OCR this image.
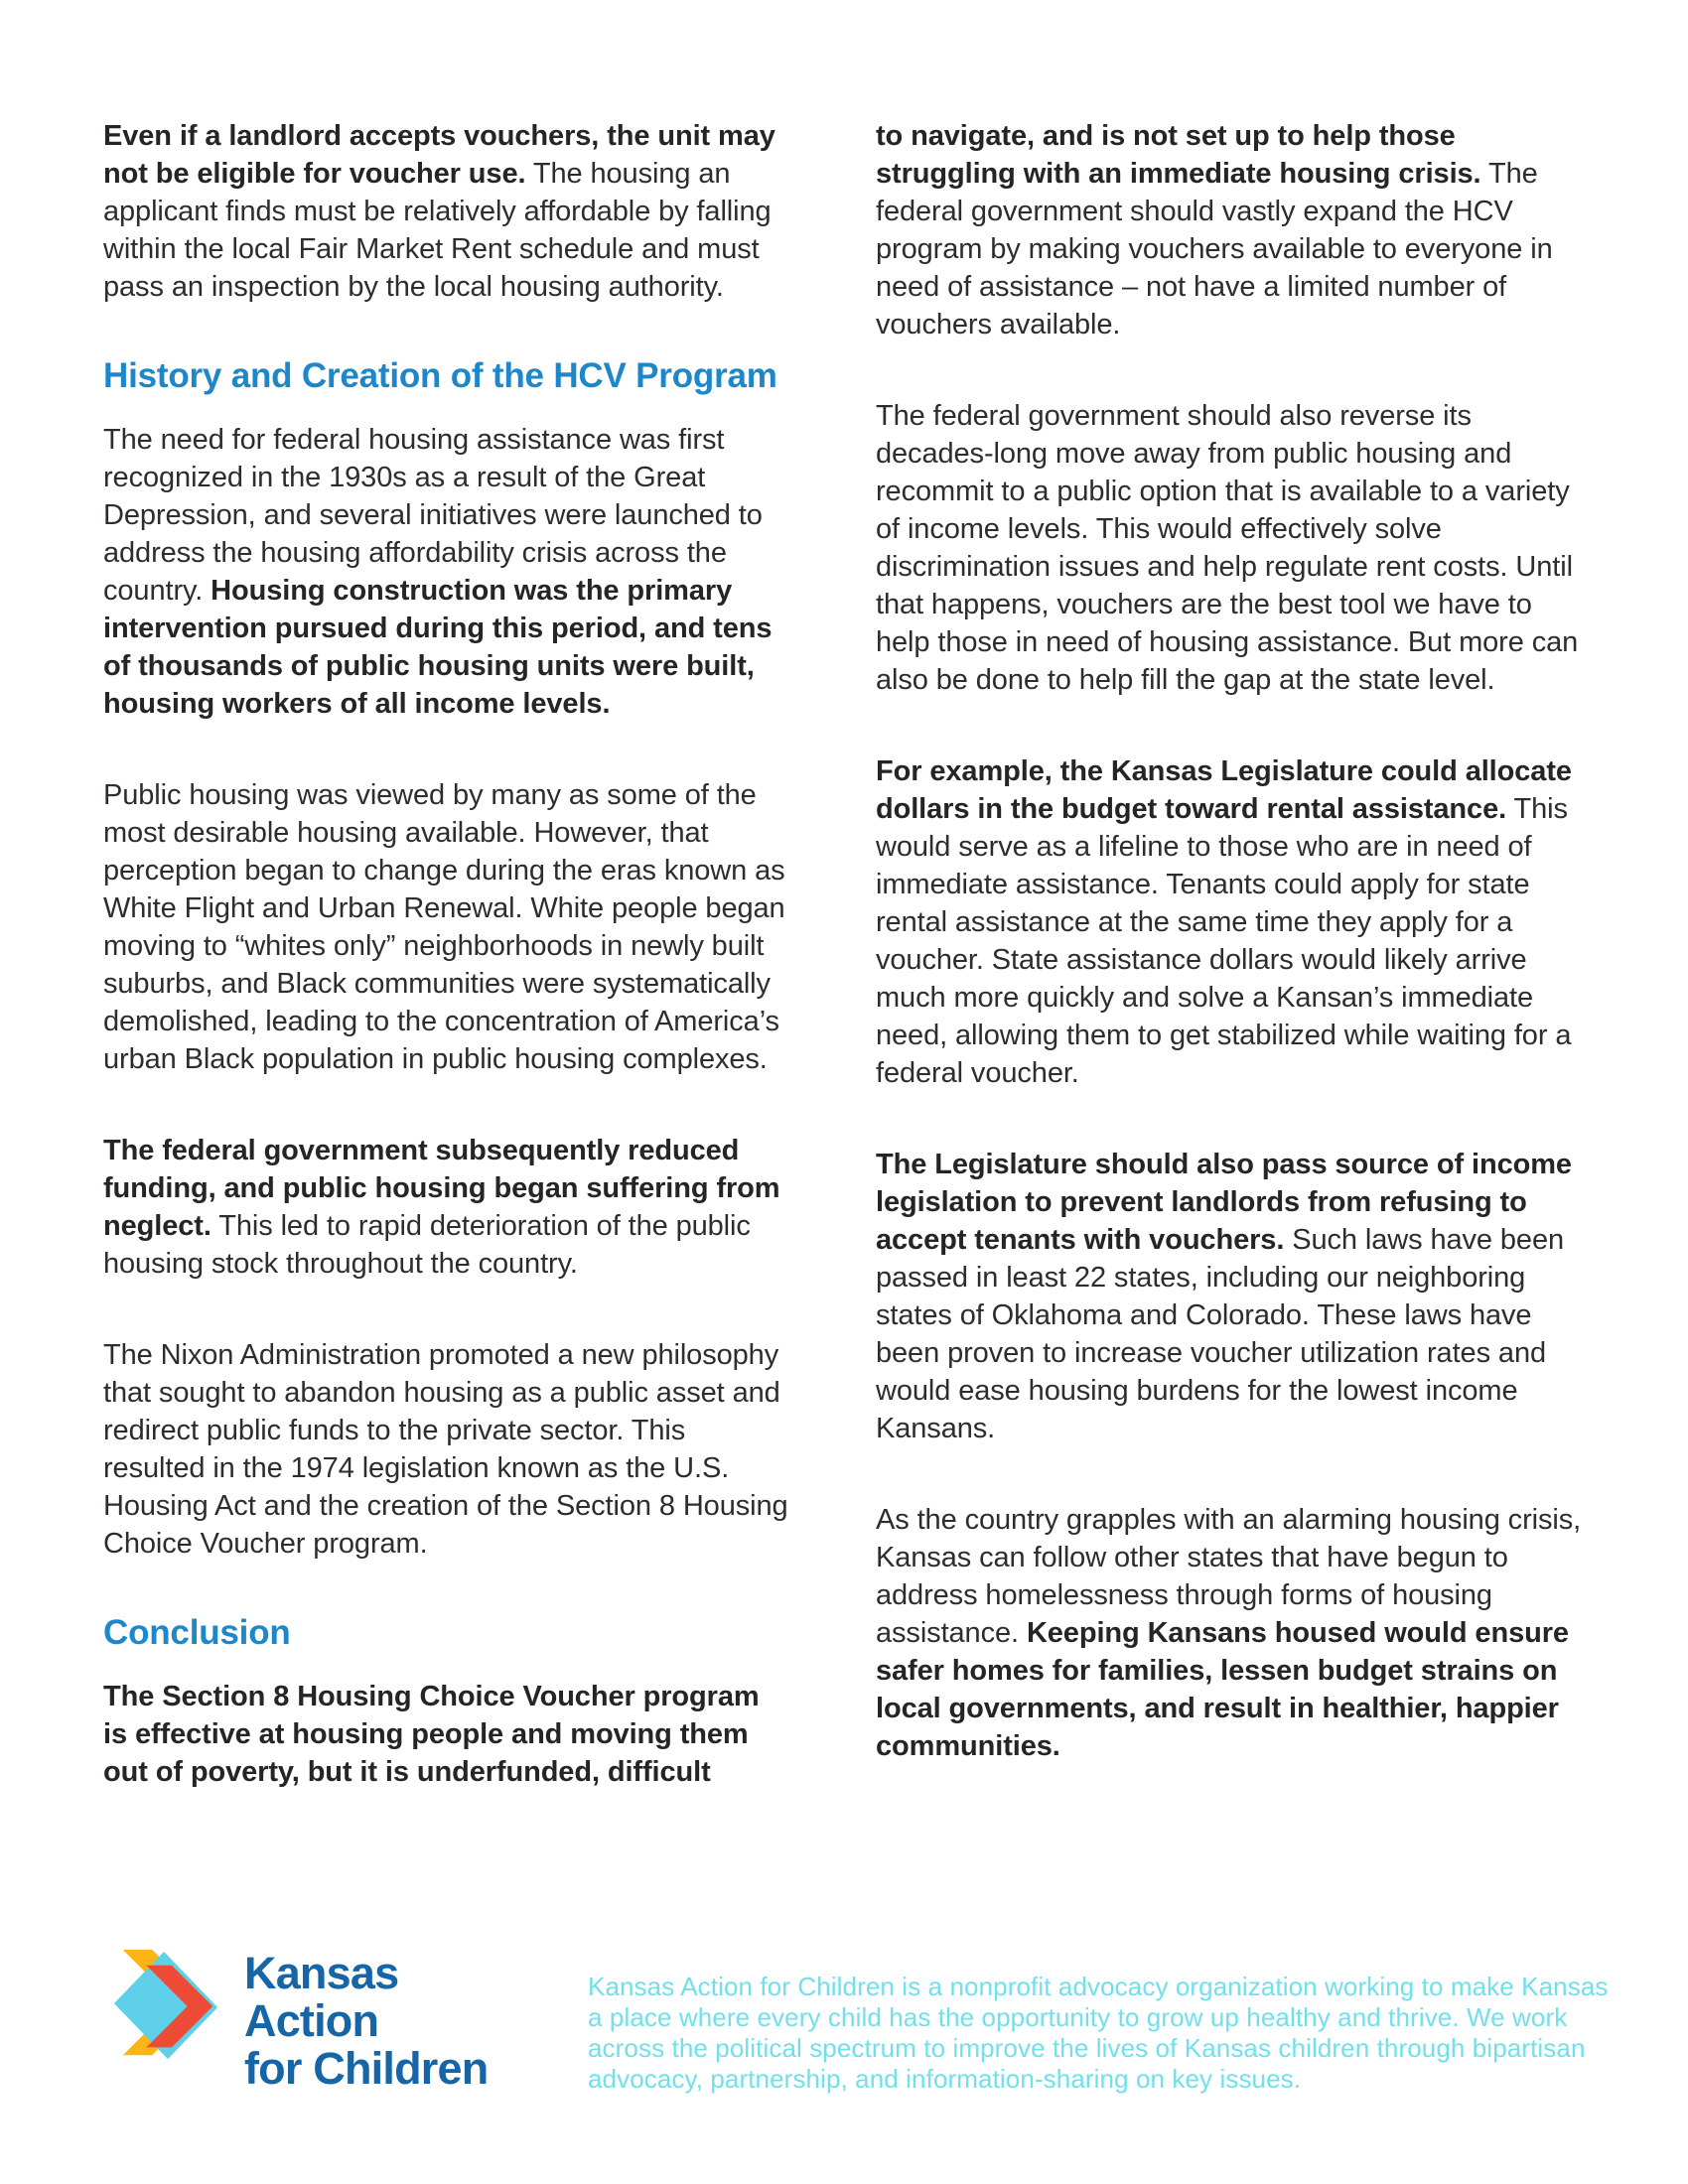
Even if a landlord accepts vouchers, the unit may not be eligible for voucher use. The housing an applicant finds must be relatively affordable by falling within the local Fair Market Rent schedule and must pass an inspection by the local housing authority.

History and Creation of the HCV Program

The need for federal housing assistance was first recognized in the 1930s as a result of the Great Depression, and several initiatives were launched to address the housing affordability crisis across the country. Housing construction was the primary intervention pursued during this period, and tens of thousands of public housing units were built, housing workers of all income levels.

Public housing was viewed by many as some of the most desirable housing available. However, that perception began to change during the eras known as White Flight and Urban Renewal. White people began moving to “whites only” neighborhoods in newly built suburbs, and Black communities were systematically demolished, leading to the concentration of America’s urban Black population in public housing complexes.

The federal government subsequently reduced funding, and public housing began suffering from neglect. This led to rapid deterioration of the public housing stock throughout the country.

The Nixon Administration promoted a new philosophy that sought to abandon housing as a public asset and redirect public funds to the private sector. This resulted in the 1974 legislation known as the U.S. Housing Act and the creation of the Section 8 Housing Choice Voucher program.

Conclusion

The Section 8 Housing Choice Voucher program is effective at housing people and moving them out of poverty, but it is underfunded, difficult

to navigate, and is not set up to help those struggling with an immediate housing crisis. The federal government should vastly expand the HCV program by making vouchers available to everyone in need of assistance – not have a limited number of vouchers available.

The federal government should also reverse its decades-long move away from public housing and recommit to a public option that is available to a variety of income levels. This would effectively solve discrimination issues and help regulate rent costs. Until that happens, vouchers are the best tool we have to help those in need of housing assistance. But more can also be done to help fill the gap at the state level.

For example, the Kansas Legislature could allocate dollars in the budget toward rental assistance. This would serve as a lifeline to those who are in need of immediate assistance. Tenants could apply for state rental assistance at the same time they apply for a voucher. State assistance dollars would likely arrive much more quickly and solve a Kansan’s immediate need, allowing them to get stabilized while waiting for a federal voucher.

The Legislature should also pass source of income legislation to prevent landlords from refusing to accept tenants with vouchers. Such laws have been passed in least 22 states, including our neighboring states of Oklahoma and Colorado. These laws have been proven to increase voucher utilization rates and would ease housing burdens for the lowest income Kansans.

As the country grapples with an alarming housing crisis, Kansas can follow other states that have begun to address homelessness through forms of housing assistance. Keeping Kansans housed would ensure safer homes for families, lessen budget strains on local governments, and result in healthier, happier communities.

Kansas
Action
for Children
Kansas Action for Children is a nonprofit advocacy organization working to make Kansas a place where every child has the opportunity to grow up healthy and thrive. We work across the political spectrum to improve the lives of Kansas children through bipartisan advocacy, partnership, and information-sharing on key issues.
